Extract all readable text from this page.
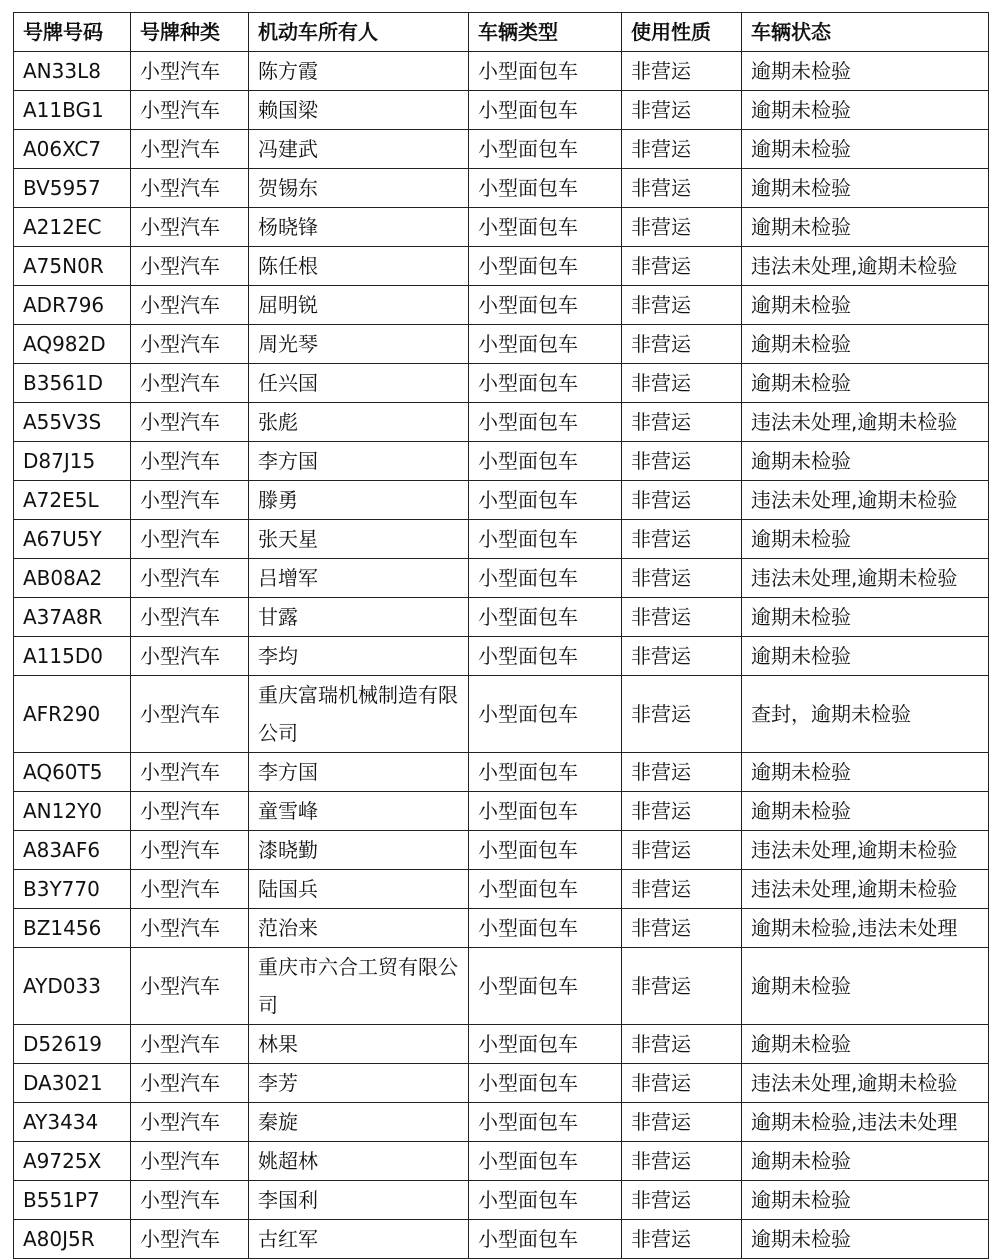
号牌号码	号牌种类	机动车所有人	车辆类型	使用性质	车辆状态
AN33L8	小型汽车	陈方霞	小型面包车	非营运	逾期未检验
A11BG1	小型汽车	赖国梁	小型面包车	非营运	逾期未检验
A06XC7	小型汽车	冯建武	小型面包车	非营运	逾期未检验
BV5957	小型汽车	贺锡东	小型面包车	非营运	逾期未检验
A212EC	小型汽车	杨晓锋	小型面包车	非营运	逾期未检验
A75N0R	小型汽车	陈任根	小型面包车	非营运	违法未处理,逾期未检验
ADR796	小型汽车	屈明锐	小型面包车	非营运	逾期未检验
AQ982D	小型汽车	周光琴	小型面包车	非营运	逾期未检验
B3561D	小型汽车	任兴国	小型面包车	非营运	逾期未检验
A55V3S	小型汽车	张彪	小型面包车	非营运	违法未处理,逾期未检验
D87J15	小型汽车	李方国	小型面包车	非营运	逾期未检验
A72E5L	小型汽车	滕勇	小型面包车	非营运	违法未处理,逾期未检验
A67U5Y	小型汽车	张天星	小型面包车	非营运	逾期未检验
AB08A2	小型汽车	吕增军	小型面包车	非营运	违法未处理,逾期未检验
A37A8R	小型汽车	甘露	小型面包车	非营运	逾期未检验
A115D0	小型汽车	李均	小型面包车	非营运	逾期未检验
AFR290	小型汽车	重庆富瑞机械制造有限公司	小型面包车	非营运	查封，逾期未检验
AQ60T5	小型汽车	李方国	小型面包车	非营运	逾期未检验
AN12Y0	小型汽车	童雪峰	小型面包车	非营运	逾期未检验
A83AF6	小型汽车	漆晓勤	小型面包车	非营运	违法未处理,逾期未检验
B3Y770	小型汽车	陆国兵	小型面包车	非营运	违法未处理,逾期未检验
BZ1456	小型汽车	范治来	小型面包车	非营运	逾期未检验,违法未处理
AYD033	小型汽车	重庆市六合工贸有限公司	小型面包车	非营运	逾期未检验
D52619	小型汽车	林果	小型面包车	非营运	逾期未检验
DA3021	小型汽车	李芳	小型面包车	非营运	违法未处理,逾期未检验
AY3434	小型汽车	秦旋	小型面包车	非营运	逾期未检验,违法未处理
A9725X	小型汽车	姚超林	小型面包车	非营运	逾期未检验
B551P7	小型汽车	李国利	小型面包车	非营运	逾期未检验
A80J5R	小型汽车	古红军	小型面包车	非营运	逾期未检验
